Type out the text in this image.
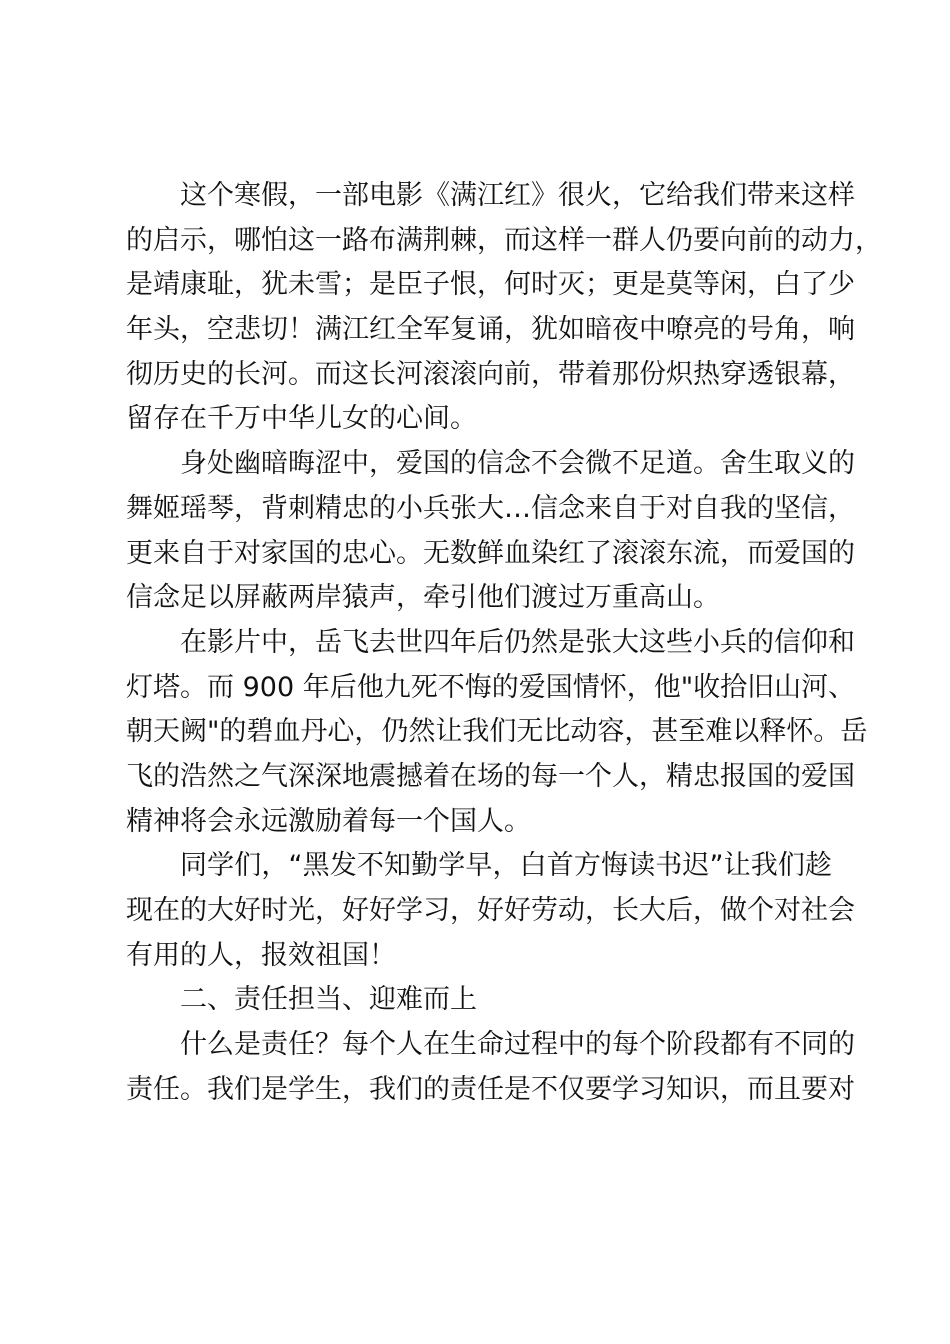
这个寒假，一部电影《满江红》很火，它给我们带来这样
的启示，哪怕这一路布满荆棘，而这样一群人仍要向前的动力，
是靖康耻，犹未雪；是臣子恨，何时灭；更是莫等闲，白了少
年头，空悲切！满江红全军复诵，犹如暗夜中嘹亮的号角，响
彻历史的长河。而这长河滚滚向前，带着那份炽热穿透银幕，
留存在千万中华儿女的心间。
身处幽暗晦涩中，爱国的信念不会微不足道。舍生取义的
舞姬瑶琴，背刺精忠的小兵张大…信念来自于对自我的坚信，
更来自于对家国的忠心。无数鲜血染红了滚滚东流，而爱国的
信念足以屏蔽两岸猿声，牵引他们渡过万重高山。
在影片中，岳飞去世四年后仍然是张大这些小兵的信仰和
灯塔。而 900 年后他九死不悔的爱国情怀，他"收拾旧山河、
朝天阙"的碧血丹心，仍然让我们无比动容，甚至难以释怀。岳
飞的浩然之气深深地震撼着在场的每一个人，精忠报国的爱国
精神将会永远激励着每一个国人。
同学们，“黑发不知勤学早，白首方悔读书迟”让我们趁
现在的大好时光，好好学习，好好劳动，长大后，做个对社会
有用的人，报效祖国！
二、责任担当、迎难而上
什么是责任？每个人在生命过程中的每个阶段都有不同的
责任。我们是学生，我们的责任是不仅要学习知识，而且要对
